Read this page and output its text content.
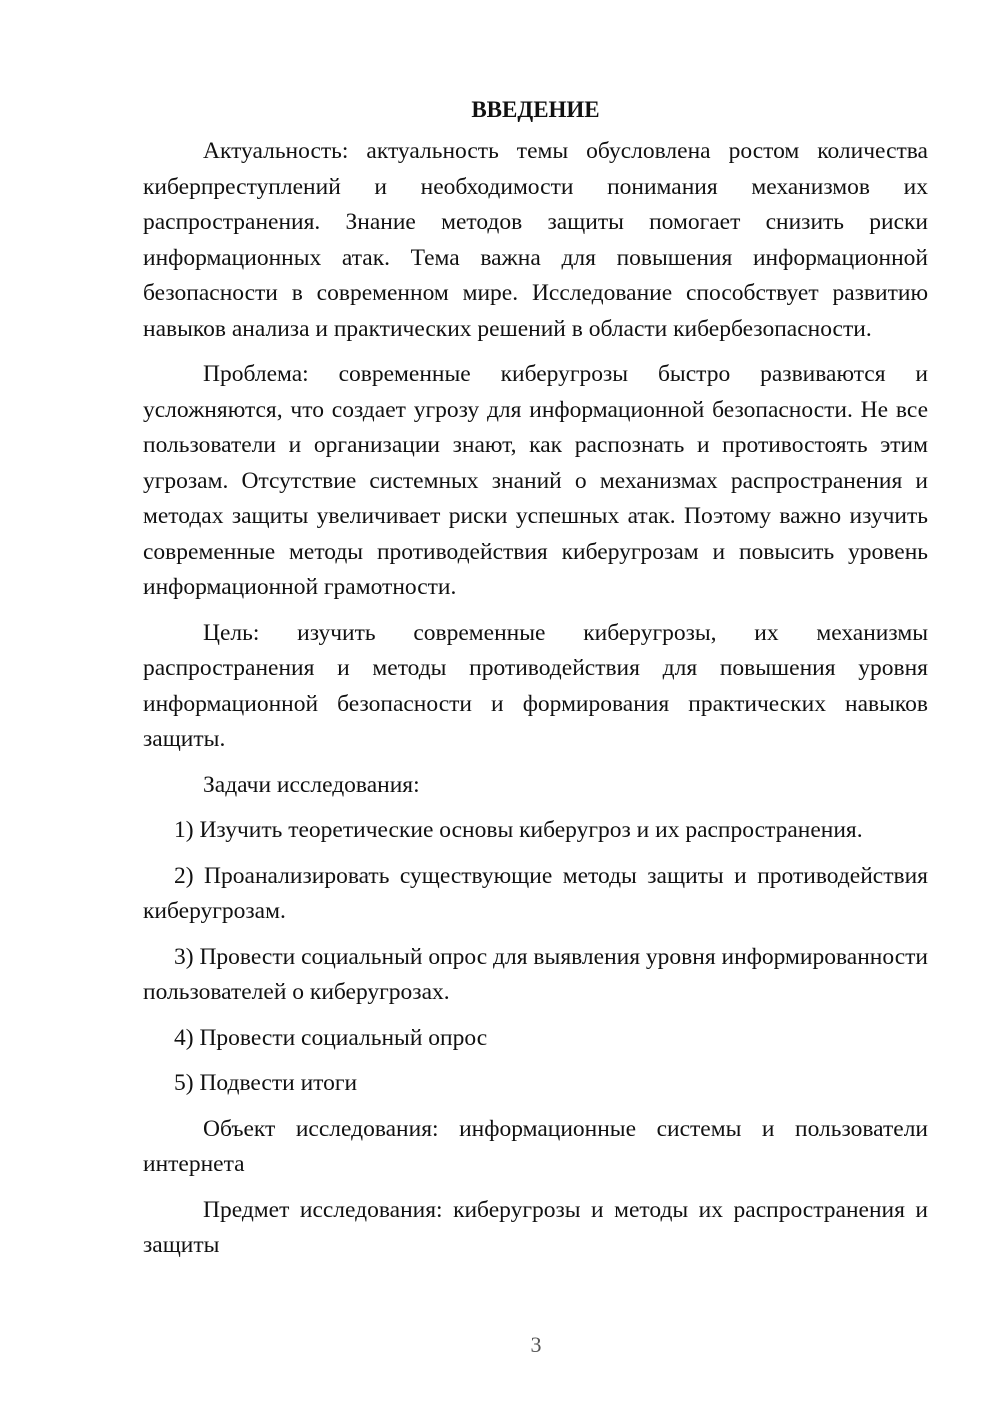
ВВЕДЕНИЕ

Актуальность: актуальность темы обусловлена ростом количества киберпреступлений и необходимости понимания механизмов их распространения. Знание методов защиты помогает снизить риски информационных атак. Тема важна для повышения информационной безопасности в современном мире. Исследование способствует развитию навыков анализа и практических решений в области кибербезопасности.

Проблема: современные киберугрозы быстро развиваются и усложняются, что создает угрозу для информационной безопасности. Не все пользователи и организации знают, как распознать и противостоять этим угрозам. Отсутствие системных знаний о механизмах распространения и методах защиты увеличивает риски успешных атак. Поэтому важно изучить современные методы противодействия киберугрозам и повысить уровень информационной грамотности.

Цель: изучить современные киберугрозы, их механизмы распространения и методы противодействия для повышения уровня информационной безопасности и формирования практических навыков защиты.

Задачи исследования:

1) Изучить теоретические основы киберугроз и их распространения.

2) Проанализировать существующие методы защиты и противодействия киберугрозам.

3) Провести социальный опрос для выявления уровня информированности пользователей о киберугрозах.

4) Провести социальный опрос

5) Подвести итоги

Объект исследования: информационные системы и пользователи интернета

Предмет исследования: киберугрозы и методы их распространения и защиты

3
